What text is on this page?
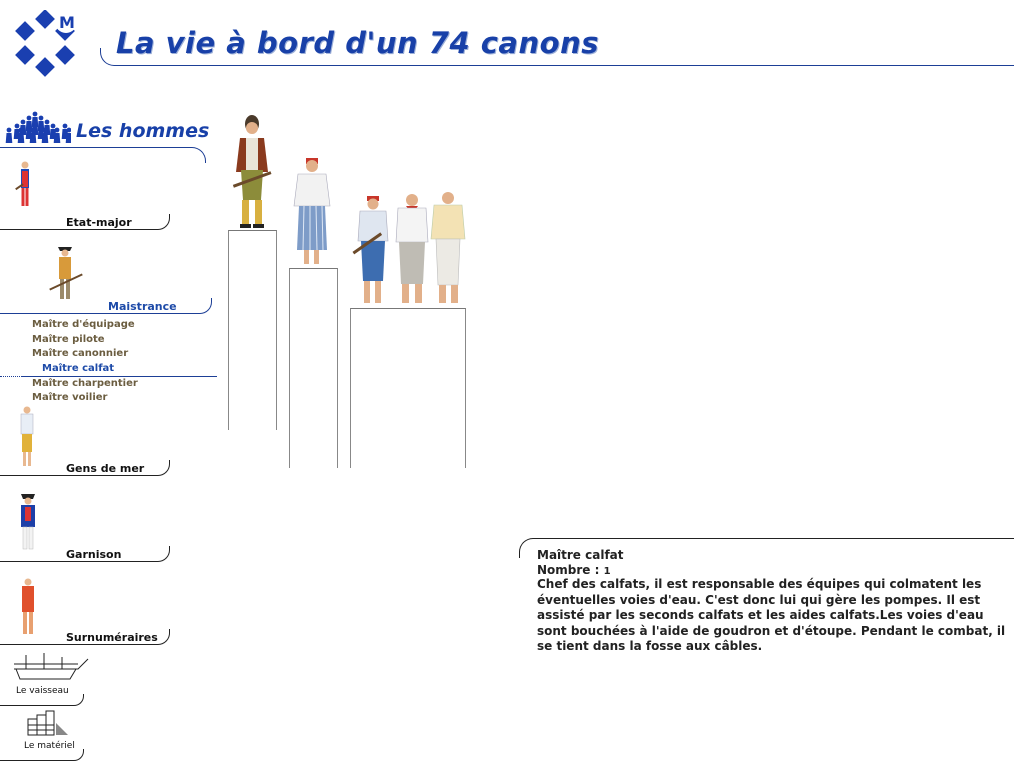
M
La vie à bord d'un 74 canons
Les hommes
Etat-major
Maistrance
Maître d'équipage
Maître pilote
Maître canonnier
Maître calfat
Maître charpentier
Maître voilier
Gens de mer
Garnison
Surnuméraires
Le vaisseau
Le matériel
Maître calfat
Nombre : 1
Chef des calfats, il est responsable des équipes qui colmatent les éventuelles voies d'eau. C'est donc lui qui gère les pompes. Il est assisté par les seconds calfats et les aides calfats.Les voies d'eau sont bouchées à l'aide de goudron et d'étoupe. Pendant le combat, il se tient dans la fosse aux câbles.
